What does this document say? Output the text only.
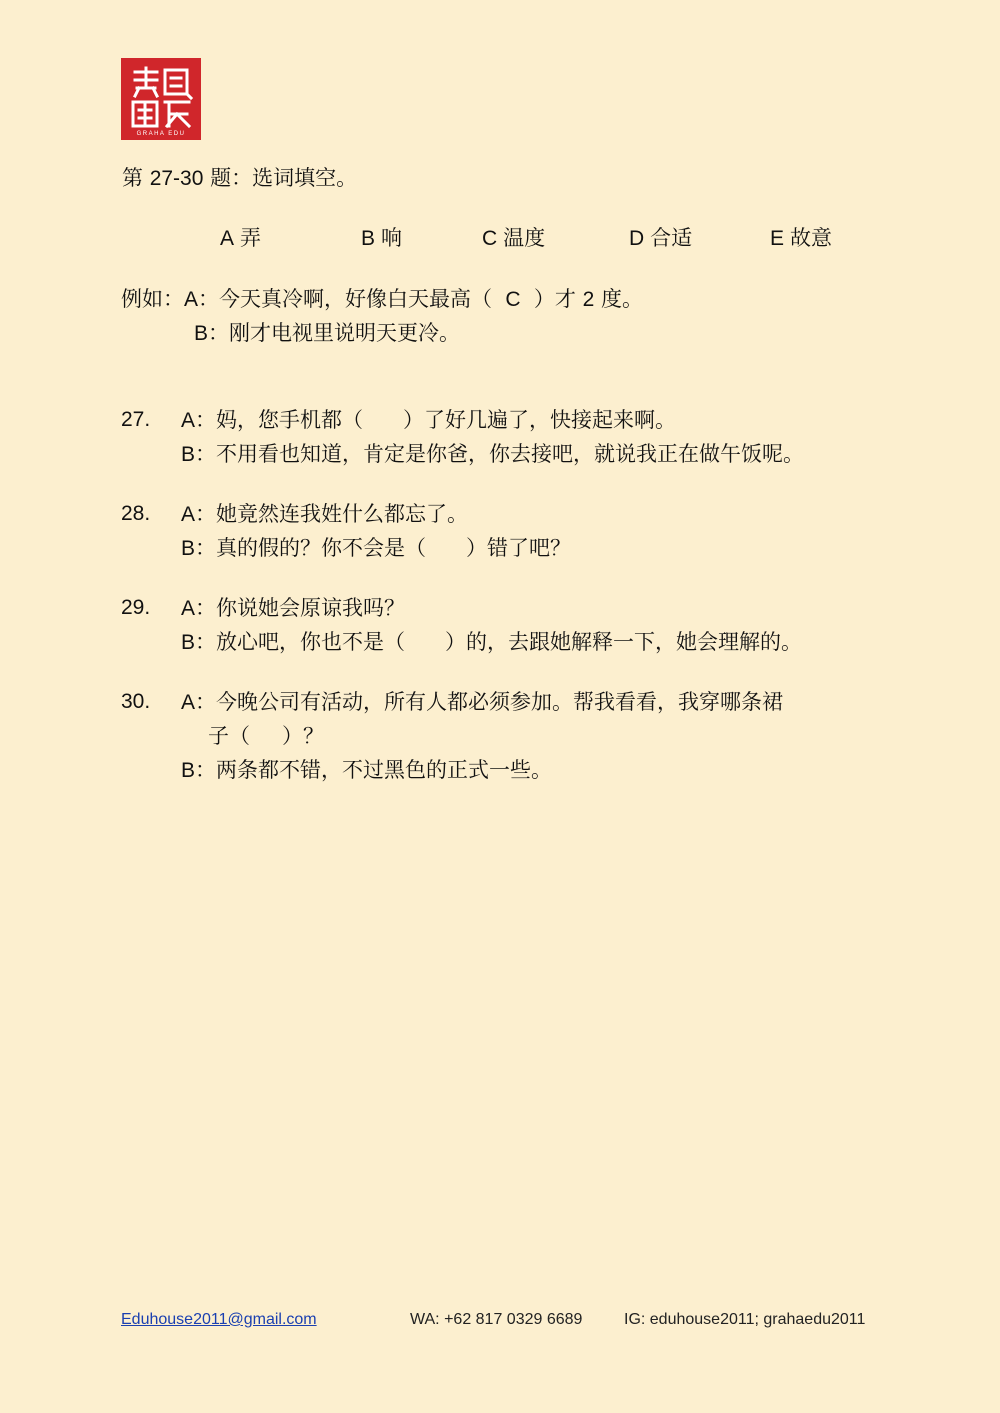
GRAHA EDU
第 27-30 题：选词填空。
A 弄	B 响	C 温度	D 合适	E 故意
例如：A：今天真冷啊，好像白天最高（ C ）才 2 度。
B：刚才电视里说明天更冷。
27. A：妈，您手机都（ ）了好几遍了，快接起来啊。
B：不用看也知道，肯定是你爸，你去接吧，就说我正在做午饭呢。
28. A：她竟然连我姓什么都忘了。
B：真的假的？你不会是（ ）错了吧？
29. A：你说她会原谅我吗？
B：放心吧，你也不是（ ）的，去跟她解释一下，她会理解的。
30. A：今晚公司有活动，所有人都必须参加。帮我看看，我穿哪条裙
子（ ）？
B：两条都不错，不过黑色的正式一些。
Eduhouse2011@gmail.com	WA: +62 817 0329 6689	IG: eduhouse2011; grahaedu2011
